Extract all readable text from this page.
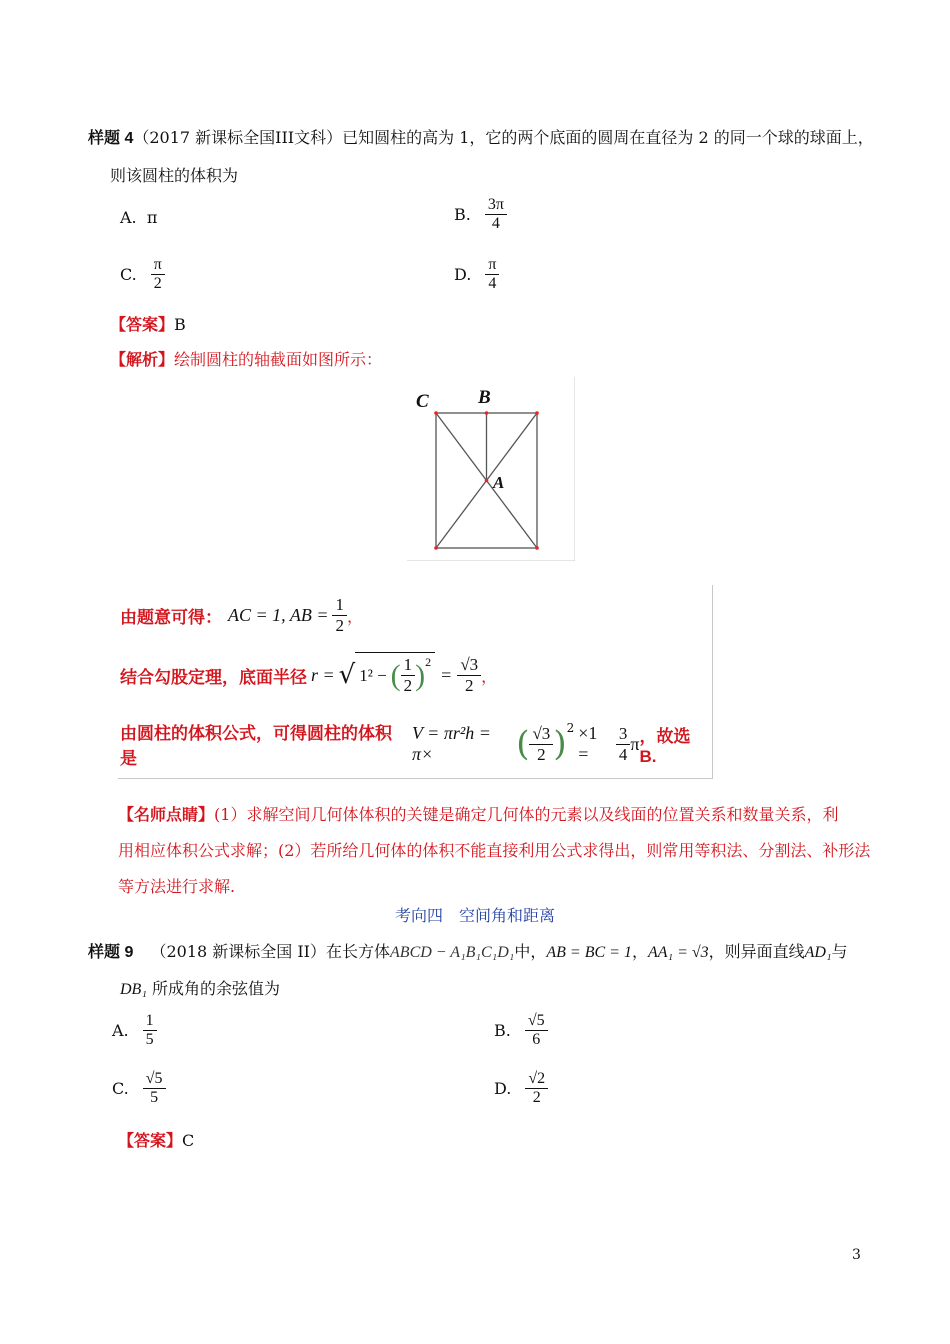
样题 4（2017 新课标全国III文科）已知圆柱的高为 1，它的两个底面的圆周在直径为 2 的同一个球的球面上，
则该圆柱的体积为
A. π	B. $\frac{3\pi}{4}$
C. $\frac{\pi}{2}$	D. $\frac{\pi}{4}$
【答案】B
【解析】绘制圆柱的轴截面如图所示：
C	B
A
由题意可得： AC = 1, AB = $\frac{1}{2}$ ，
结合勾股定理，底面半径 r = √ 1² − ( $\frac{1}{2} )^2$
= $\frac{√3}{2}$ ，
由圆柱的体积公式，可得圆柱的体积是
V = πr²h = π×	( $\frac{√3}{2} )^2 \times 1$ =	$\frac{3}{4}$ π ，故选 B.
【名师点睛】(1）求解空间几何体体积的关键是确定几何体的元素以及线面的位置关系和数量关系，利
用相应体积公式求解；(2）若所给几何体的体积不能直接利用公式求得出，则常用等积法、分割法、补形法
等方法进行求解.
考向四　空间角和距离
样题 9 （2018 新课标全国 II）在长方体ABCD − A₁B₁C₁D₁中，AB = BC = 1，AA₁ = √3，则异面直线AD₁与
DB₁ 所成角的余弦值为
A. $\frac{1}{5}$	B. $\frac{√5}{6}$
C. $\frac{√5}{5}$	D. $\frac{√2}{2}$
【答案】C
3
